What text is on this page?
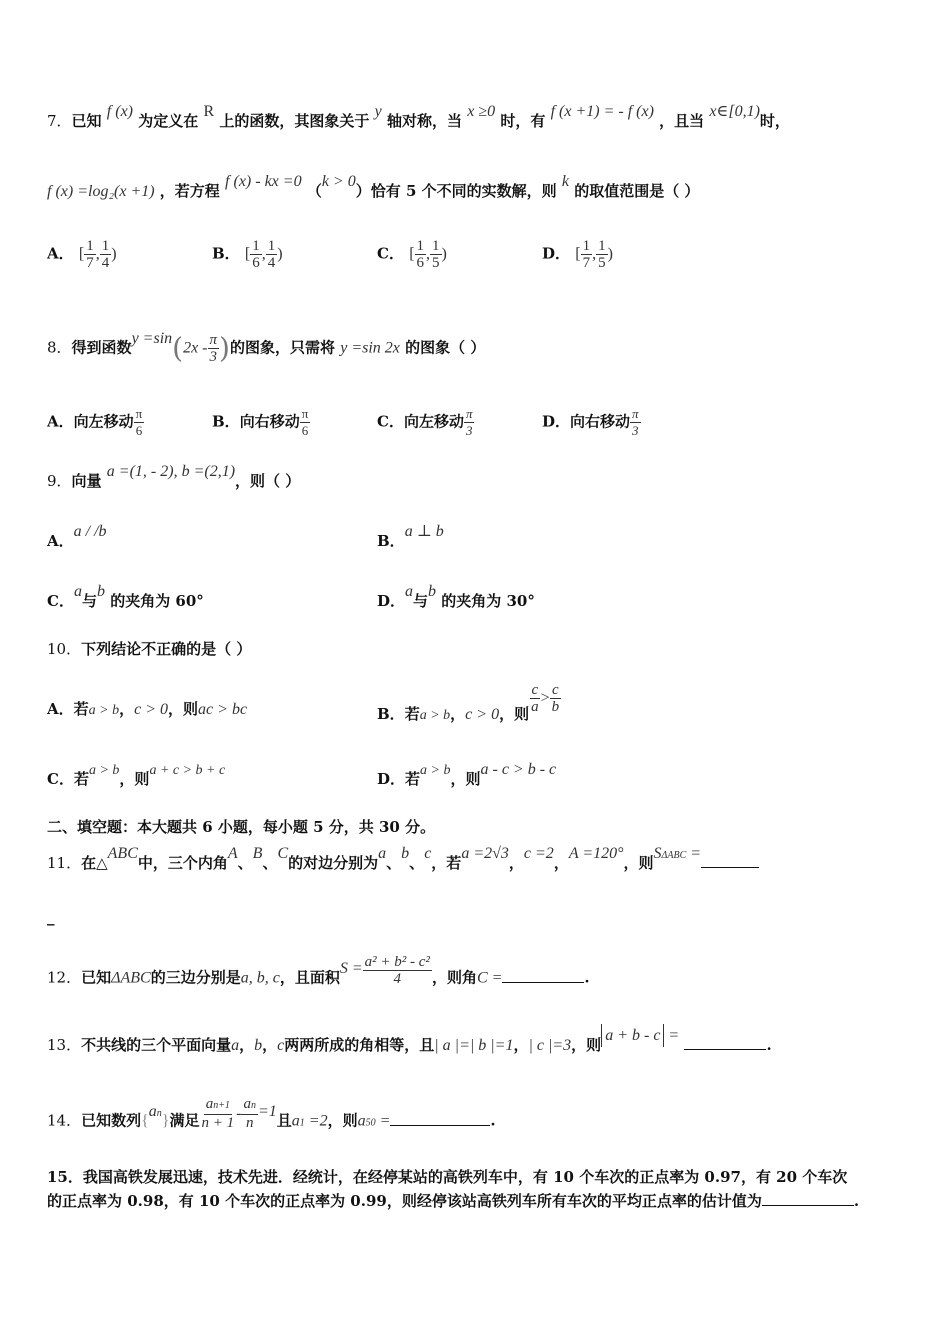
7．已知 f (x) 为定义在 R 上的函数，其图象关于 y 轴对称，当 x ≥0 时，有 f (x +1) = - f (x) ，且当 x∈[0,1)时，
f (x) =log₂(x +1) ，若方程 f (x) - kx =0 （k > 0）恰有 5 个不同的实数解，则 k 的取值范围是（ ）
A． [ $\frac{1}{7}$ , $\frac{1}{4}$ )	B． [ $\frac{1}{6}$ , $\frac{1}{4}$ )	C． [ $\frac{1}{6}$ , $\frac{1}{5}$ )	D． [ $\frac{1}{7}$ , $\frac{1}{5}$ )
8．得到函数$y =\sin(2x - \frac{\pi}{3}$ )的图象，只需将 y =sin 2x 的图象（ ）
A．向左移动 $\frac{\pi}{6}$	B．向右移动 $\frac{\pi}{6}$	C．向左移动 $\frac{\pi}{3}$	D．向右移动 $\frac{\pi}{3}$
9．向量 a =(1, - 2), b =(2,1)，则（ ）
A．a / /b
B．a ⊥ b
C．a与b 的夹角为 60°	D．a与b 的夹角为 30°
10．下列结论不正确的是（ ）
A．若a > b，c > 0，则ac > bc	B．若a > b，c > 0，则 $\frac{c}{a} > \frac{c}{b}$
C．若a > b，则a + c > b + c	D．若a > b，则a - c > b - c
二、填空题：本大题共 6 小题，每小题 5 分，共 30 分。
11．在△ABC中，三个内角A、B、C的对边分别为a、b、c，若a =2√3，c =2，A =120°，则$S^{\Delta ABC}$ =
_
12．已知ΔABC的三边分别是a, b, c，且面积$S = \frac{\text{a² + b² - c²}}{4}$ ，则角C =	.
13．不共线的三个平面向量a，b，c两两所成的角相等，且| a |=| b |=1，| c |=3，则a + b - c = .
14．已知数列$\{a^n\}$满足 $\frac{an+1}{n + 1} - \frac{an}{n} =1$且a1 =2，则a50 =	.
15．我国高铁发展迅速，技术先进．经统计，在经停某站的高铁列车中，有 10 个车次的正点率为 0.97，有 20 个车次
的正点率为 0.98，有 10 个车次的正点率为 0.99，则经停该站高铁列车所有车次的平均正点率的估计值为	.
